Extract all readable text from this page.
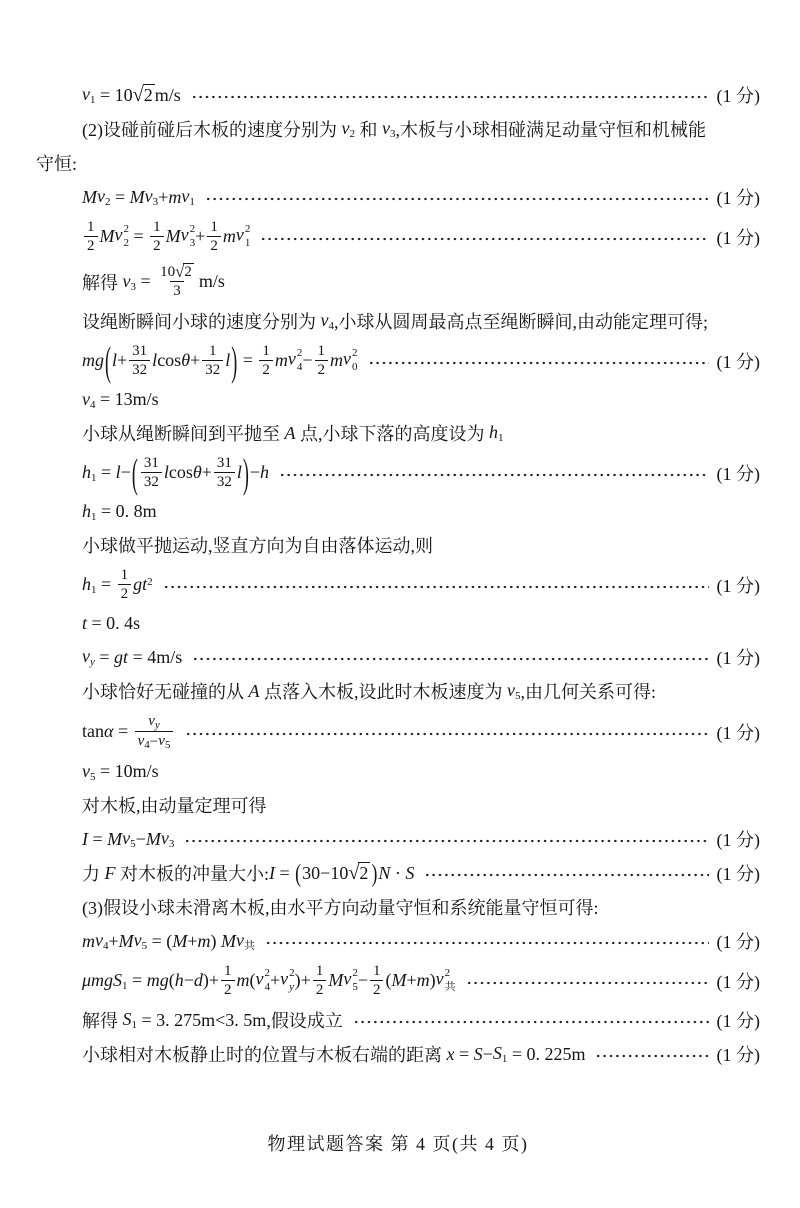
$v_1 = 10$ √ 2 m/s	(1 分)
(2)设碰前碰后木板的速度分别为 $v_2$ 和 $v_3$ ,木板与小球相碰满足动量守恒和机械能
守恒:
M $v_2 = M$ $v_3 + m$ $v_1$	(1 分)
$\frac{1}{2}$ M v 2
$2 = \frac{1}{2}$ M v 2
$3 + \frac{1}{2}$ m v 2
1	(1 分)
解得 $v_3 = \frac{10 √ 2}{3} m/s$
设绳断瞬间小球的速度分别为 $v_4$ ,小球从圆周最高点至绳断瞬间,由动能定理可得;
m g ( $l + \frac{31}{32}$ l $\cos \theta + \frac{1}{32}$ l ) = $\frac{1}{2}$ m v 2
$4 - \frac{1}{2}$ m v 2
0	(1 分)
$v_4 = 13m/s$
小球从绳断瞬间到平抛至 A 点,小球下落的高度设为 $h_1$
$h_1 = l$ − ( $\frac{31}{32}$ l $\cos \theta + \frac{31}{32}$ l ) − h	(1 分)
$h_1 = 0$. 8m
小球做平抛运动,竖直方向为自由落体运动,则
$h_1 = \frac{1}{2}$ g $t^2$	(1 分)
t = 0. 4s
$v_y = g$ t = 4m/s	(1 分)
小球恰好无碰撞的从 A 点落入木板,设此时木板速度为 $v_5$ ,由几何关系可得:
$\tan \alpha = \frac{v_y}{v_4 - v_5}$	(1 分)
$v_5 = 10m/s$
对木板,由动量定理可得
I = M $v_5 - M$ $v_3$	(1 分)
力 F 对木板的冲量大小: I = ( 30−10 √ 2 ) N · S	(1 分)
(3)假设小球未滑离木板,由水平方向动量守恒和系统能量守恒可得:
m $v_4 + M$ $v_5$ = ( M + m ) M $v_共$	(1 分)
μ m g $S_1 = m$ g ( h − d )+ $\frac{1}{2}$ m ( v 2
4 + v 2
y )+ $\frac{1}{2}$ M v 2
$5 - \frac{1}{2}$ ( M + m ) v 2
共	(1 分)
解得 $S_1 = 3$. 275m<3. 5m ,假设成立	(1 分)
小球相对木板静止时的位置与木板右端的距离 $x = S - S_1 = 0$. 225m	(1 分)
物理试题答案 第 4 页(共 4 页)
